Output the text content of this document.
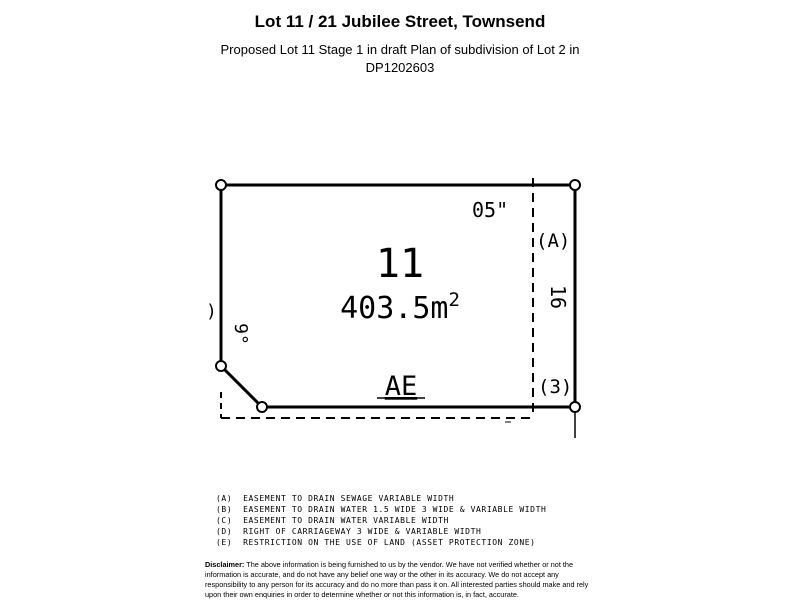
Lot 11 / 21 Jubilee Street, Townsend
Proposed Lot 11 Stage 1 in draft Plan of subdivision of Lot 2 in
DP1202603
05"
(A)
11
$403.5m^2$	16
9°
)
(3)
AE
(A)  EASEMENT TO DRAIN SEWAGE VARIABLE WIDTH
(B)  EASEMENT TO DRAIN WATER 1.5 WIDE 3 WIDE & VARIABLE WIDTH
(C)  EASEMENT TO DRAIN WATER VARIABLE WIDTH
(D)  RIGHT OF CARRIAGEWAY 3 WIDE & VARIABLE WIDTH
(E)  RESTRICTION ON THE USE OF LAND (ASSET PROTECTION ZONE)
Disclaimer: The above information is being furnished to us by the vendor. We have not verified whether or not the information is accurate, and do not have any belief one way or the other in its accuracy. We do not accept any responsibility to any person for its accuracy and do no more than pass it on. All interested parties should make and rely upon their own enquiries in order to determine whether or not this information is, in fact, accurate.
